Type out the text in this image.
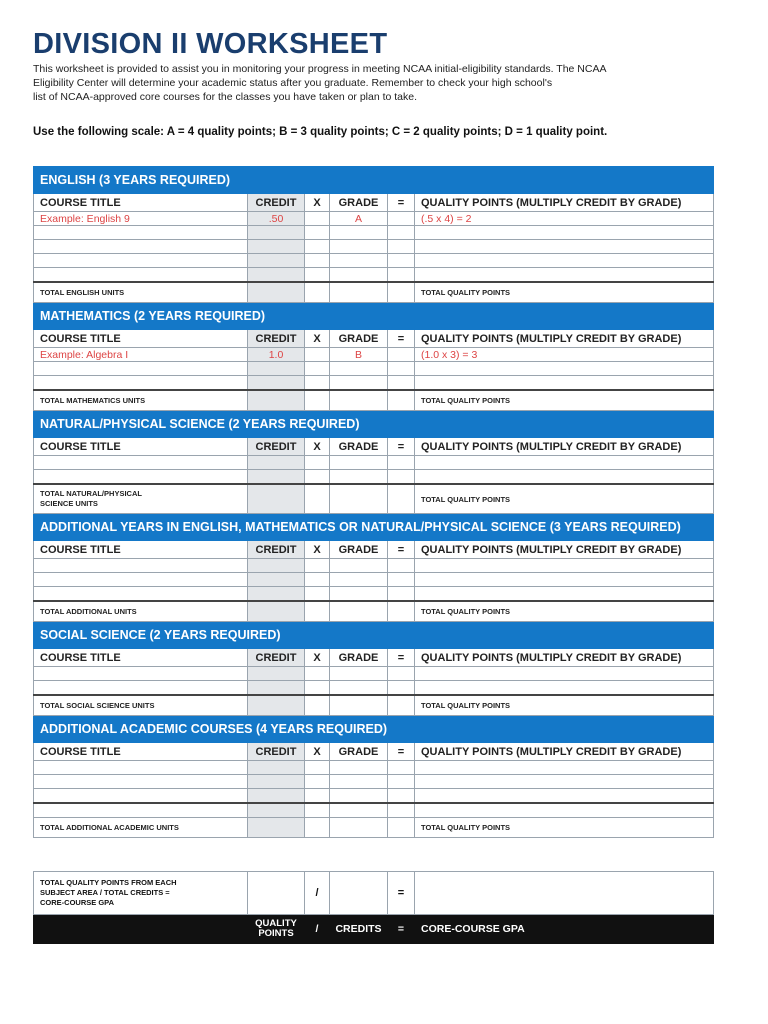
DIVISION II WORKSHEET
This worksheet is provided to assist you in monitoring your progress in meeting NCAA initial-eligibility standards. The NCAA
Eligibility Center will determine your academic status after you graduate. Remember to check your high school's
list of NCAA-approved core courses for the classes you have taken or plan to take.
Use the following scale: A = 4 quality points; B = 3 quality points; C = 2 quality points; D = 1 quality point.
ENGLISH (3 YEARS REQUIRED)					
COURSE TITLE	CREDIT	X	GRADE	=	QUALITY POINTS (MULTIPLY CREDIT BY GRADE)
Example: English 9	.50		A		(.5 x 4) = 2

TOTAL ENGLISH UNITS					TOTAL QUALITY POINTS
MATHEMATICS (2 YEARS REQUIRED)					
COURSE TITLE	CREDIT	X	GRADE	=	QUALITY POINTS (MULTIPLY CREDIT BY GRADE)
Example: Algebra I	1.0		B		(1.0 x 3) = 3

TOTAL MATHEMATICS UNITS					TOTAL QUALITY POINTS
NATURAL/PHYSICAL SCIENCE (2 YEARS REQUIRED)					
COURSE TITLE	CREDIT	X	GRADE	=	QUALITY POINTS (MULTIPLY CREDIT BY GRADE)

TOTAL NATURAL/PHYSICAL
SCIENCE UNITS					TOTAL QUALITY POINTS
ADDITIONAL YEARS IN ENGLISH, MATHEMATICS OR NATURAL/PHYSICAL SCIENCE (3 YEARS REQUIRED)					
COURSE TITLE	CREDIT	X	GRADE	=	QUALITY POINTS (MULTIPLY CREDIT BY GRADE)

TOTAL ADDITIONAL UNITS					TOTAL QUALITY POINTS
SOCIAL SCIENCE (2 YEARS REQUIRED)					
COURSE TITLE	CREDIT	X	GRADE	=	QUALITY POINTS (MULTIPLY CREDIT BY GRADE)

TOTAL SOCIAL SCIENCE UNITS					TOTAL QUALITY POINTS
ADDITIONAL ACADEMIC COURSES (4 YEARS REQUIRED)					
COURSE TITLE	CREDIT	X	GRADE	=	QUALITY POINTS (MULTIPLY CREDIT BY GRADE)

TOTAL ADDITIONAL ACADEMIC UNITS					TOTAL QUALITY POINTS
TOTAL QUALITY POINTS FROM EACH
SUBJECT AREA / TOTAL CREDITS =
CORE-COURSE GPA		/		=	
	QUALITY
POINTS	/	CREDITS	=	CORE-COURSE GPA
